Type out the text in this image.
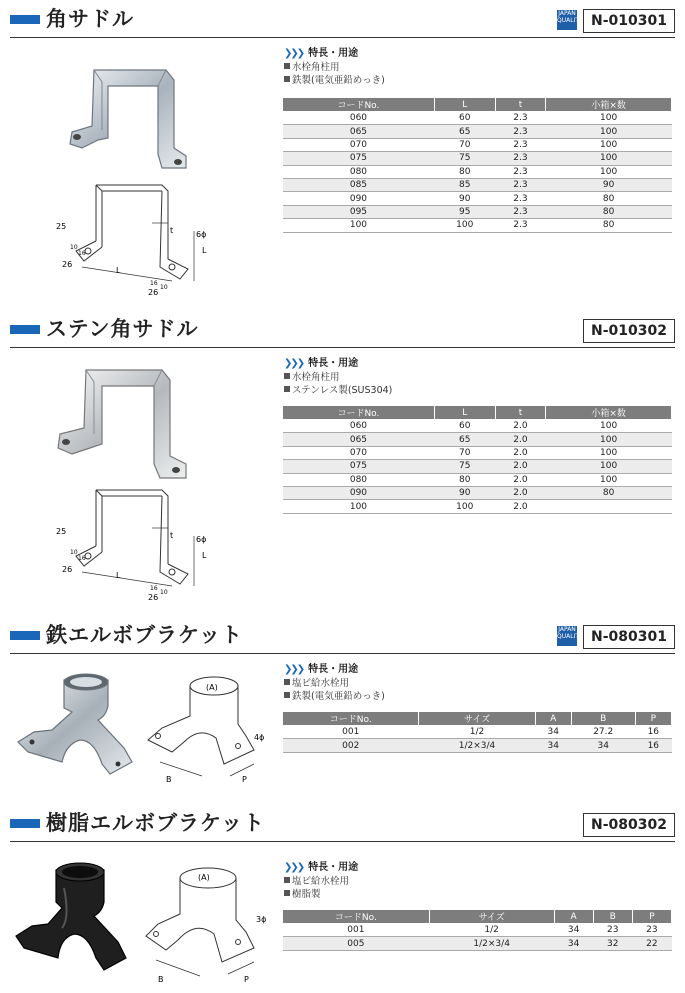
角サドル	JAPAN
QUALITY N-010301
25
10
16
26
L
t	6ϕ
L
16
10
26
❯❯❯ 特長・用途
水栓角柱用
鉄製(電気亜鉛めっき)
コードNo.	L	t	小箱×数
060	60	2.3	100
065	65	2.3	100
070	70	2.3	100
075	75	2.3	100
080	80	2.3	100
085	85	2.3	90
090	90	2.3	80
095	95	2.3	80
100	100	2.3	80
ステン角サドル	N-010302
25
10
16
26
L
t	6ϕ
L
16
10
26
❯❯❯ 特長・用途
水栓角柱用
ステンレス製(SUS304)
コードNo.	L	t	小箱×数
060	60	2.0	100
065	65	2.0	100
070	70	2.0	100
075	75	2.0	100
080	80	2.0	100
090	90	2.0	80
100	100	2.0	
鉄エルボブラケット	JAPAN
QUALITY N-080301
(A)
4ϕ
B	P
❯❯❯ 特長・用途
塩ビ給水栓用
鉄製(電気亜鉛めっき)
コードNo.	サイズ	A	B	P
001	1/2	34	27.2	16
002	1/2×3/4	34	34	16
樹脂エルボブラケット	N-080302
(A)
3ϕ
B	P
❯❯❯ 特長・用途
塩ビ給水栓用
樹脂製
コードNo.	サイズ	A	B	P
001	1/2	34	23	23
005	1/2×3/4	34	32	22
